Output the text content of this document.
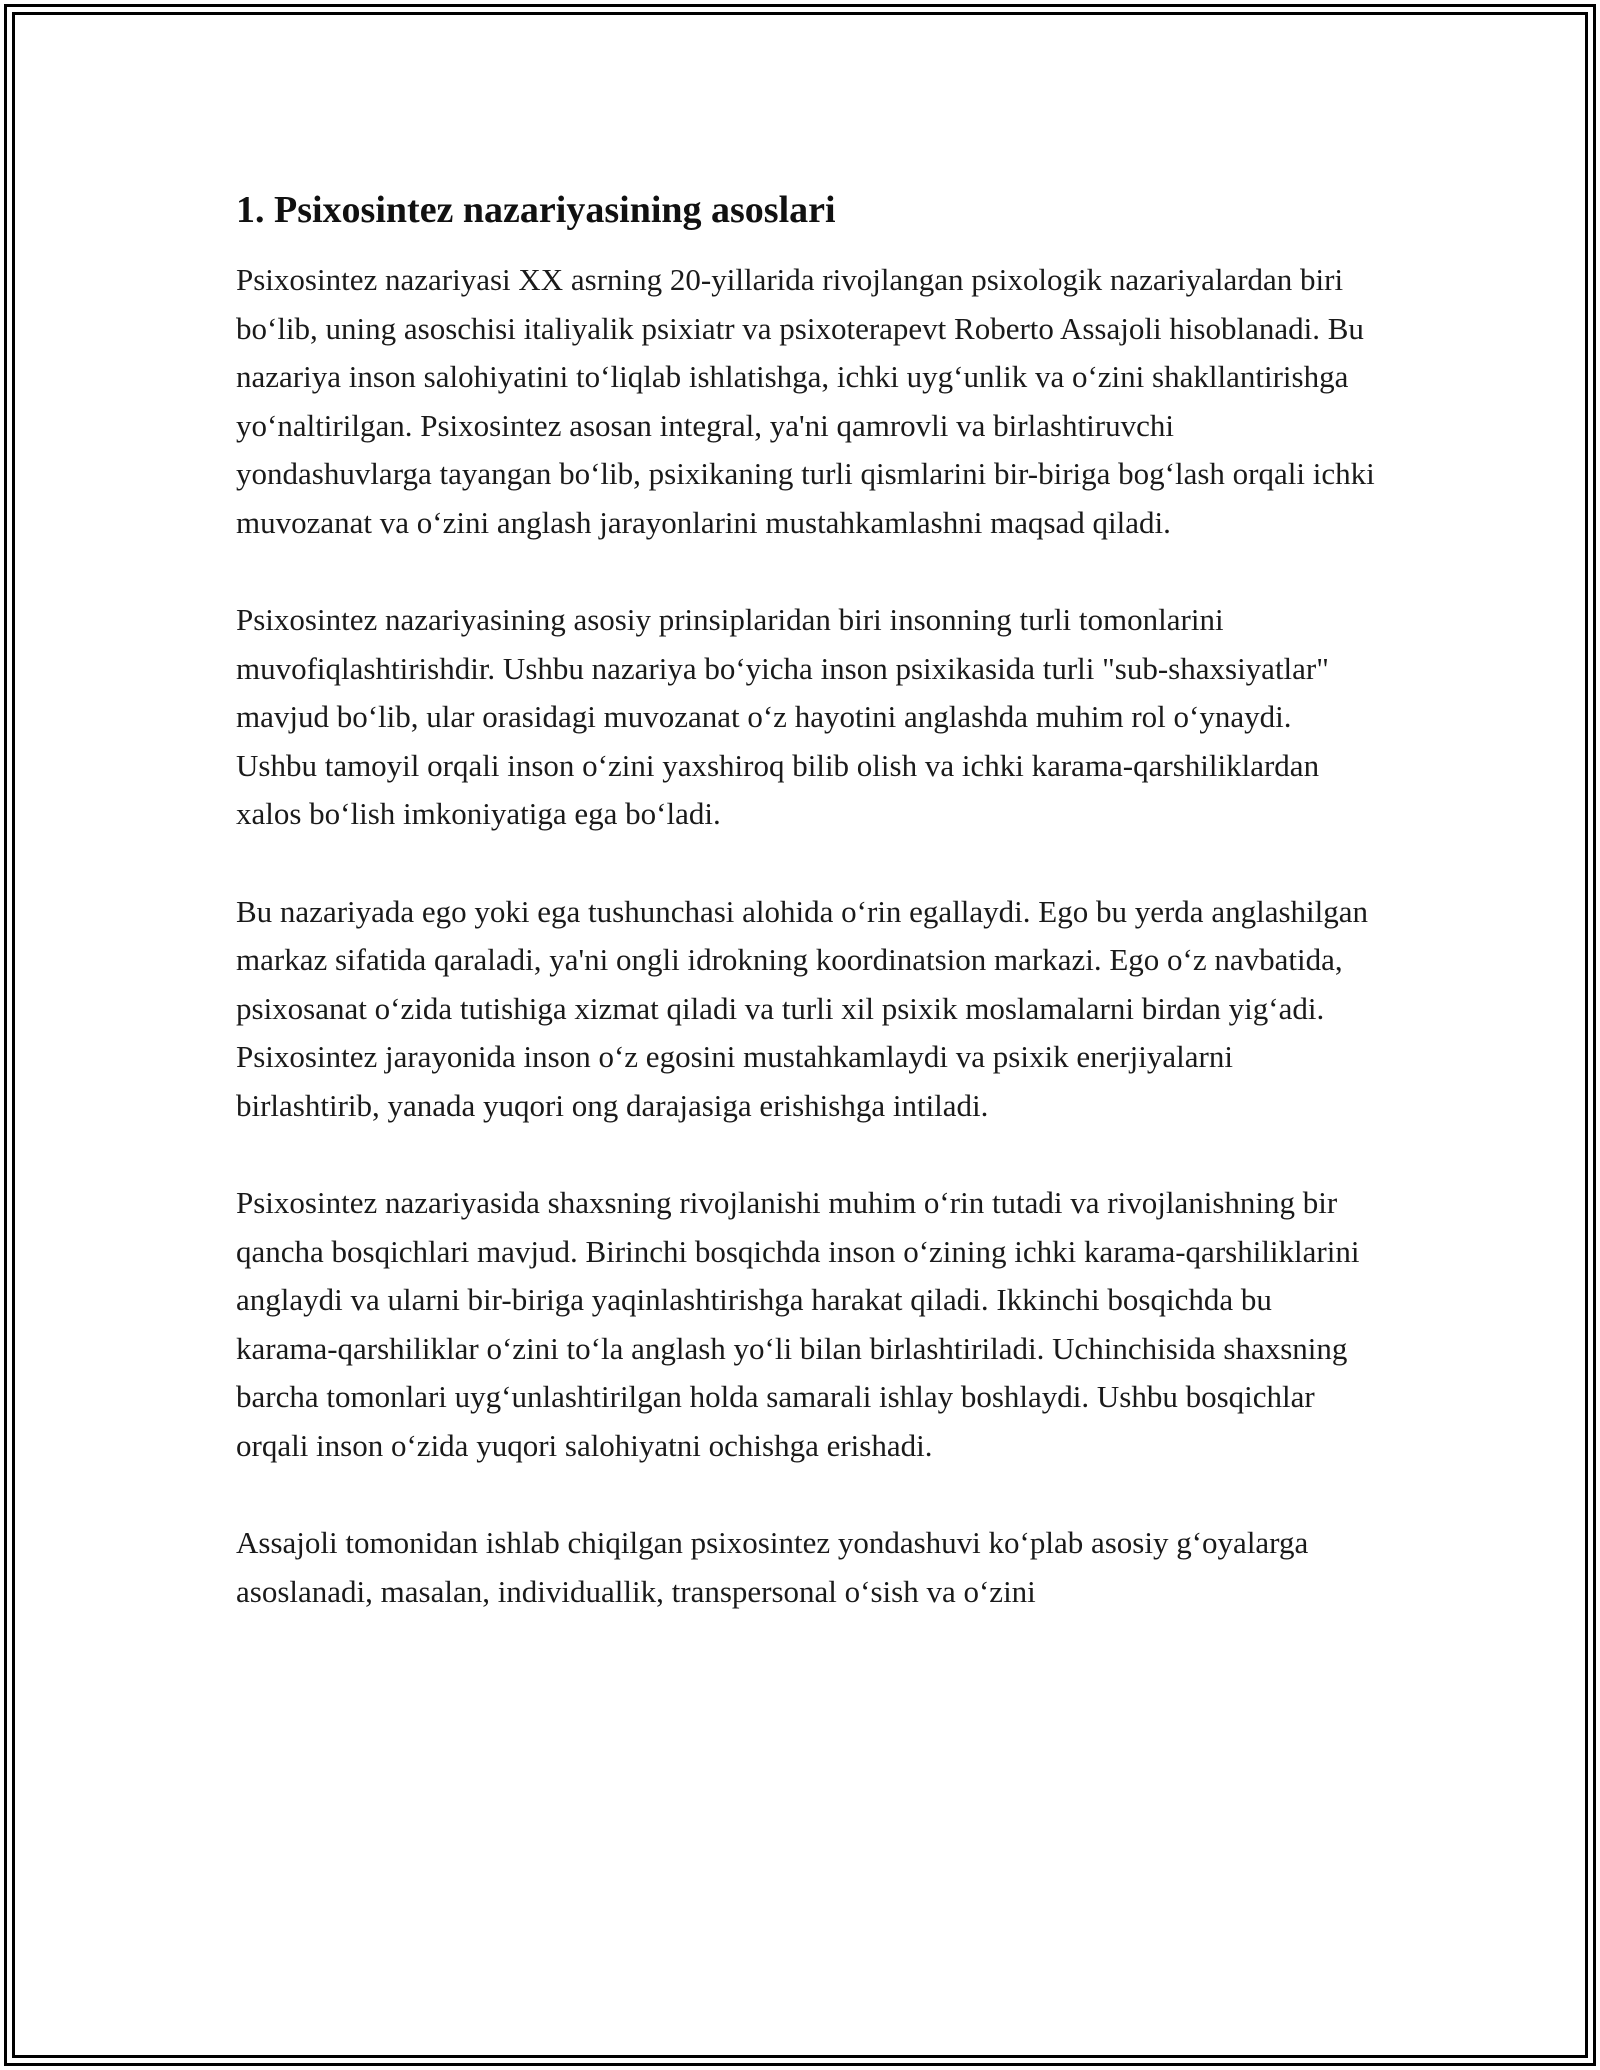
1. Psixosintez nazariyasining asoslari

Psixosintez nazariyasi XX asrning 20-yillarida rivojlangan psixologik nazariyalardan biri bo‘lib, uning asoschisi italiyalik psixiatr va psixoterapevt Roberto Assajoli hisoblanadi. Bu nazariya inson salohiyatini to‘liqlab ishlatishga, ichki uyg‘unlik va o‘zini shakllantirishga yo‘naltirilgan. Psixosintez asosan integral, ya'ni qamrovli va birlashtiruvchi yondashuvlarga tayangan bo‘lib, psixikaning turli qismlarini bir-biriga bog‘lash orqali ichki muvozanat va o‘zini anglash jarayonlarini mustahkamlashni maqsad qiladi.

Psixosintez nazariyasining asosiy prinsiplaridan biri insonning turli tomonlarini muvofiqlashtirishdir. Ushbu nazariya bo‘yicha inson psixikasida turli "sub-shaxsiyatlar" mavjud bo‘lib, ular orasidagi muvozanat o‘z hayotini anglashda muhim rol o‘ynaydi. Ushbu tamoyil orqali inson o‘zini yaxshiroq bilib olish va ichki karama-qarshiliklardan xalos bo‘lish imkoniyatiga ega bo‘ladi.

Bu nazariyada ego yoki ega tushunchasi alohida o‘rin egallaydi. Ego bu yerda anglashilgan markaz sifatida qaraladi, ya'ni ongli idrokning koordinatsion markazi. Ego o‘z navbatida, psixosanat o‘zida tutishiga xizmat qiladi va turli xil psixik moslamalarni birdan yig‘adi. Psixosintez jarayonida inson o‘z egosini mustahkamlaydi va psixik enerjiyalarni birlashtirib, yanada yuqori ong darajasiga erishishga intiladi.

Psixosintez nazariyasida shaxsning rivojlanishi muhim o‘rin tutadi va rivojlanishning bir qancha bosqichlari mavjud. Birinchi bosqichda inson o‘zining ichki karama-qarshiliklarini anglaydi va ularni bir-biriga yaqinlashtirishga harakat qiladi. Ikkinchi bosqichda bu karama-qarshiliklar o‘zini to‘la anglash yo‘li bilan birlashtiriladi. Uchinchisida shaxsning barcha tomonlari uyg‘unlashtirilgan holda samarali ishlay boshlaydi. Ushbu bosqichlar orqali inson o‘zida yuqori salohiyatni ochishga erishadi.

Assajoli tomonidan ishlab chiqilgan psixosintez yondashuvi ko‘plab asosiy g‘oyalarga asoslanadi, masalan, individuallik, transpersonal o‘sish va o‘zini
